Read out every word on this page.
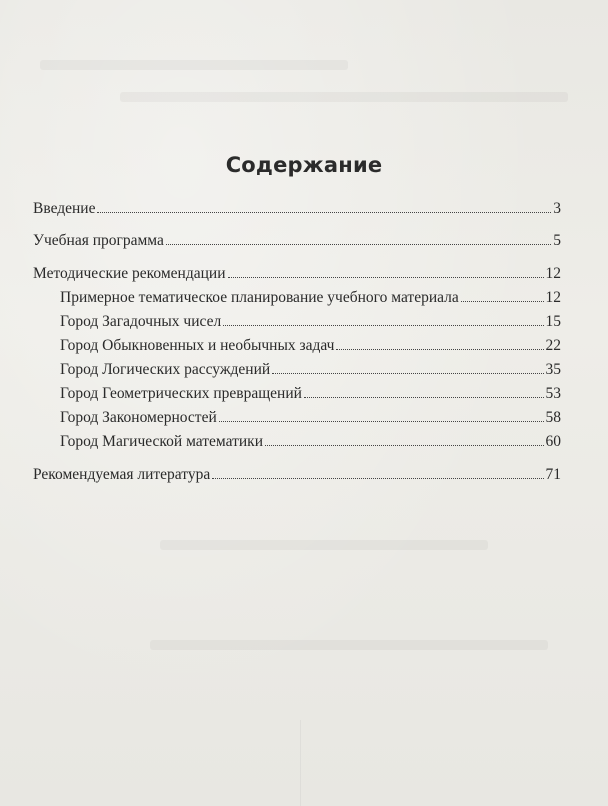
Содержание
Введение	3
Учебная программа	5
Методические рекомендации	12
Примерное тематическое планирование учебного материала	12
Город Загадочных чисел	15
Город Обыкновенных и необычных задач	22
Город Логических рассуждений	35
Город Геометрических превращений	53
Город Закономерностей	58
Город Магической математики	60
Рекомендуемая литература	71
